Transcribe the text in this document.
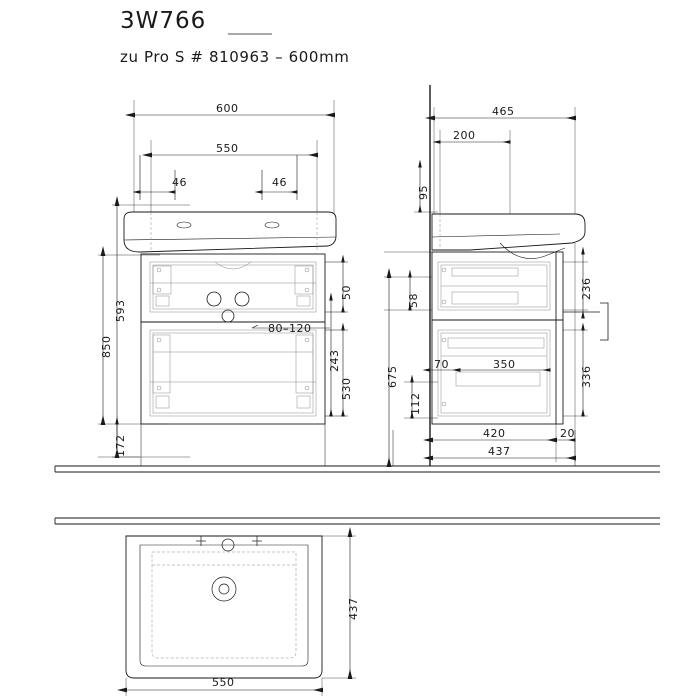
3W766
zu Pro S # 810963 – 600mm
600
550
46	46
593
850
172
50
243
530
80–120
465
200
95
58
112
675
236
336
70	350
420	20
437
437
550
